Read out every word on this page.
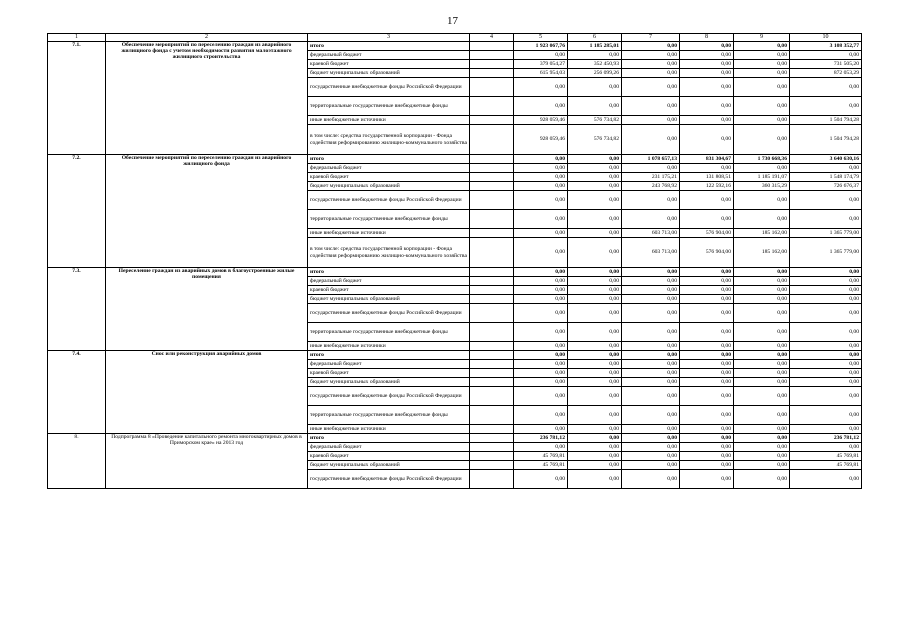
17
1	2	3	4	5	6	7	8	9	10
7.1.	Обеспечение мероприятий по переселению граждан из аварийного жилищного фонда с учетом необходимости развития малоэтажного жилищного строительства	итого		1 923 067,76	1 185 285,01	0,00	0,00	0,00	3 108 352,77
		федеральный бюджет		0,00	0,00	0,00	0,00	0,00	0,00
		краевой бюджет		379 054,27	352 450,93	0,00	0,00	0,00	731 505,20
		бюджет муниципальных образований		615 954,03	256 099,26	0,00	0,00	0,00	872 053,29
		государственные внебюджетные фонды Российской Федерации		0,00	0,00	0,00	0,00	0,00	0,00
		территориальные государственные внебюджетные фонды		0,00	0,00	0,00	0,00	0,00	0,00
		иные внебюджетные источники		928 059,46	576 734,82	0,00	0,00	0,00	1 504 794,28
		в том числе: средства государственной корпорации - Фонда содействия реформированию жилищно-коммунального хозяйства		928 059,46	576 734,82	0,00	0,00	0,00	1 504 794,28
7.2.	Обеспечение мероприятий по переселению граждан из аварийного жилищного фонда	итого		0,00	0,00	1 078 657,13	831 304,67	1 730 668,36	3 640 630,16
		федеральный бюджет		0,00	0,00	0,00	0,00	0,00	0,00
		краевой бюджет		0,00	0,00	231 175,21	131 808,51	1 185 191,07	1 548 174,79
		бюджет муниципальных образований		0,00	0,00	243 768,92	122 592,16	360 315,29	726 676,37
		государственные внебюджетные фонды Российской Федерации		0,00	0,00	0,00	0,00	0,00	0,00
		территориальные государственные внебюджетные фонды		0,00	0,00	0,00	0,00	0,00	0,00
		иные внебюджетные источники		0,00	0,00	603 713,00	576 904,00	185 162,00	1 365 779,00
		в том числе: средства государственной корпорации - Фонда содействия реформированию жилищно-коммунального хозяйства		0,00	0,00	603 713,00	576 904,00	185 162,00	1 365 779,00
7.3.	Переселение граждан из аварийных домов в благоустроенные жилые помещения	итого		0,00	0,00	0,00	0,00	0,00	0,00
		федеральный бюджет		0,00	0,00	0,00	0,00	0,00	0,00
		краевой бюджет		0,00	0,00	0,00	0,00	0,00	0,00
		бюджет муниципальных образований		0,00	0,00	0,00	0,00	0,00	0,00
		государственные внебюджетные фонды Российской Федерации		0,00	0,00	0,00	0,00	0,00	0,00
		территориальные государственные внебюджетные фонды		0,00	0,00	0,00	0,00	0,00	0,00
		иные внебюджетные источники		0,00	0,00	0,00	0,00	0,00	0,00
7.4.	Снос или реконструкция аварийных домов	итого		0,00	0,00	0,00	0,00	0,00	0,00
		федеральный бюджет		0,00	0,00	0,00	0,00	0,00	0,00
		краевой бюджет		0,00	0,00	0,00	0,00	0,00	0,00
		бюджет муниципальных образований		0,00	0,00	0,00	0,00	0,00	0,00
		государственные внебюджетные фонды Российской Федерации		0,00	0,00	0,00	0,00	0,00	0,00
		территориальные государственные внебюджетные фонды		0,00	0,00	0,00	0,00	0,00	0,00
		иные внебюджетные источники		0,00	0,00	0,00	0,00	0,00	0,00
8.	Подпрограмма 8 «Проведение капитального ремонта многоквартирных домов в Приморском крае» на 2013 год	итого		236 781,12	0,00	0,00	0,00	0,00	236 781,12
		федеральный бюджет		0,00	0,00	0,00	0,00	0,00	0,00
		краевой бюджет		45 769,81	0,00	0,00	0,00	0,00	45 769,81
		бюджет муниципальных образований		45 769,81	0,00	0,00	0,00	0,00	45 769,81
		государственные внебюджетные фонды Российской Федерации		0,00	0,00	0,00	0,00	0,00	0,00
